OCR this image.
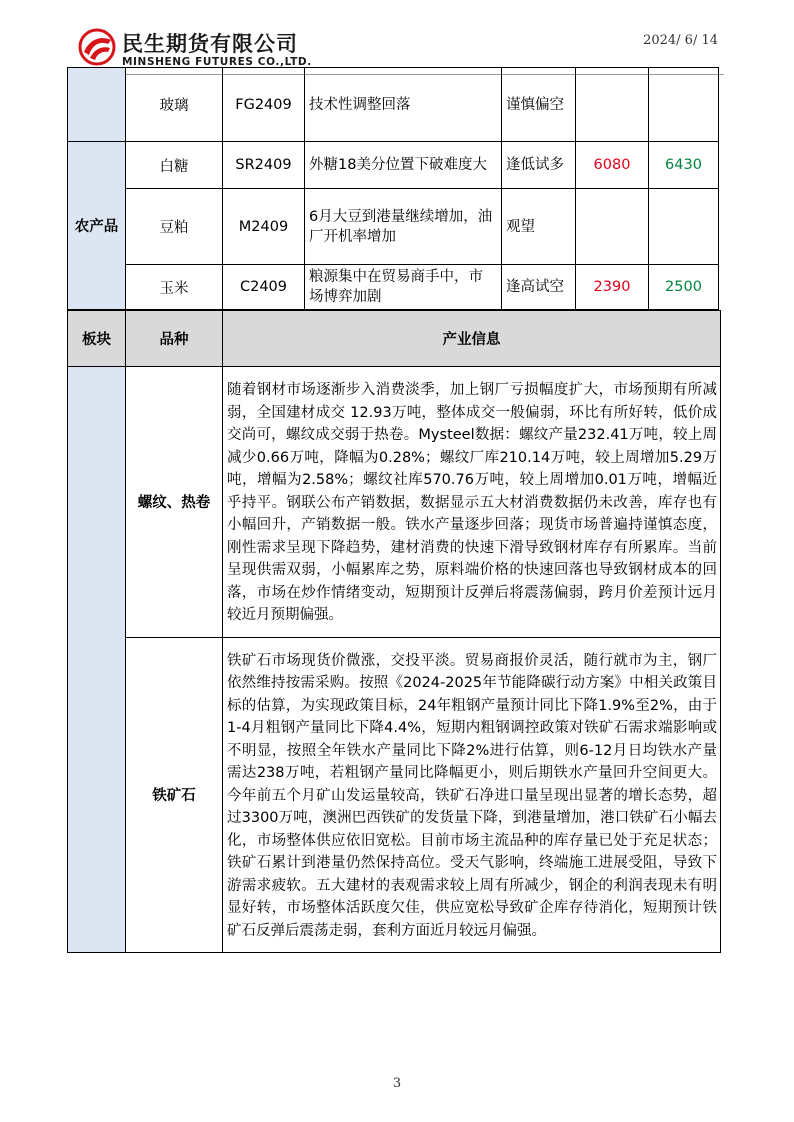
民生期货有限公司
MINSHENG FUTURES CO.,LTD.
2024/ 6/ 14
	玻璃	FG2409	技术性调整回落	谨慎偏空		
农产品	白糖	SR2409	外糖18美分位置下破难度大	逢低试多	6080	6430
	豆粕	M2409	6月大豆到港量继续增加，油厂开机率增加	观望		
	玉米	C2409	粮源集中在贸易商手中，市场博弈加剧	逢高试空	2390	2500
板块	品种	产业信息
	螺纹、热卷	随着钢材市场逐渐步入消费淡季，加上钢厂亏损幅度扩大，市场预期有所减弱，全国建材成交 12.93万吨，整体成交一般偏弱，环比有所好转，低价成交尚可，螺纹成交弱于热卷。Mysteel数据：螺纹产量232.41万吨，较上周减少0.66万吨，降幅为0.28%；螺纹厂库210.14万吨，较上周增加5.29万吨，增幅为2.58%；螺纹社库570.76万吨，较上周增加0.01万吨，增幅近乎持平。钢联公布产销数据，数据显示五大材消费数据仍未改善，库存也有小幅回升，产销数据一般。铁水产量逐步回落；现货市场普遍持谨慎态度，刚性需求呈现下降趋势，建材消费的快速下滑导致钢材库存有所累库。当前呈现供需双弱，小幅累库之势，原料端价格的快速回落也导致钢材成本的回落，市场在炒作情绪变动，短期预计反弹后将震荡偏弱，跨月价差预计远月较近月预期偏强。
	铁矿石	铁矿石市场现货价微涨，交投平淡。贸易商报价灵活，随行就市为主，钢厂依然维持按需采购。按照《2024-2025年节能降碳行动方案》中相关政策目标的估算，为实现政策目标，24年粗钢产量预计同比下降1.9%至2%，由于1-4月粗钢产量同比下降4.4%，短期内粗钢调控政策对铁矿石需求端影响或不明显，按照全年铁水产量同比下降2%进行估算，则6-12月日均铁水产量需达238万吨，若粗钢产量同比降幅更小，则后期铁水产量回升空间更大。今年前五个月矿山发运量较高，铁矿石净进口量呈现出显著的增长态势，超过3300万吨，澳洲巴西铁矿的发货量下降，到港量增加，港口铁矿石小幅去化，市场整体供应依旧宽松。目前市场主流品种的库存量已处于充足状态；铁矿石累计到港量仍然保持高位。受天气影响，终端施工进展受阻，导致下游需求疲软。五大建材的表观需求较上周有所减少，钢企的利润表现未有明显好转，市场整体活跃度欠佳，供应宽松导致矿企库存待消化，短期预计铁矿石反弹后震荡走弱，套利方面近月较远月偏强。
3
